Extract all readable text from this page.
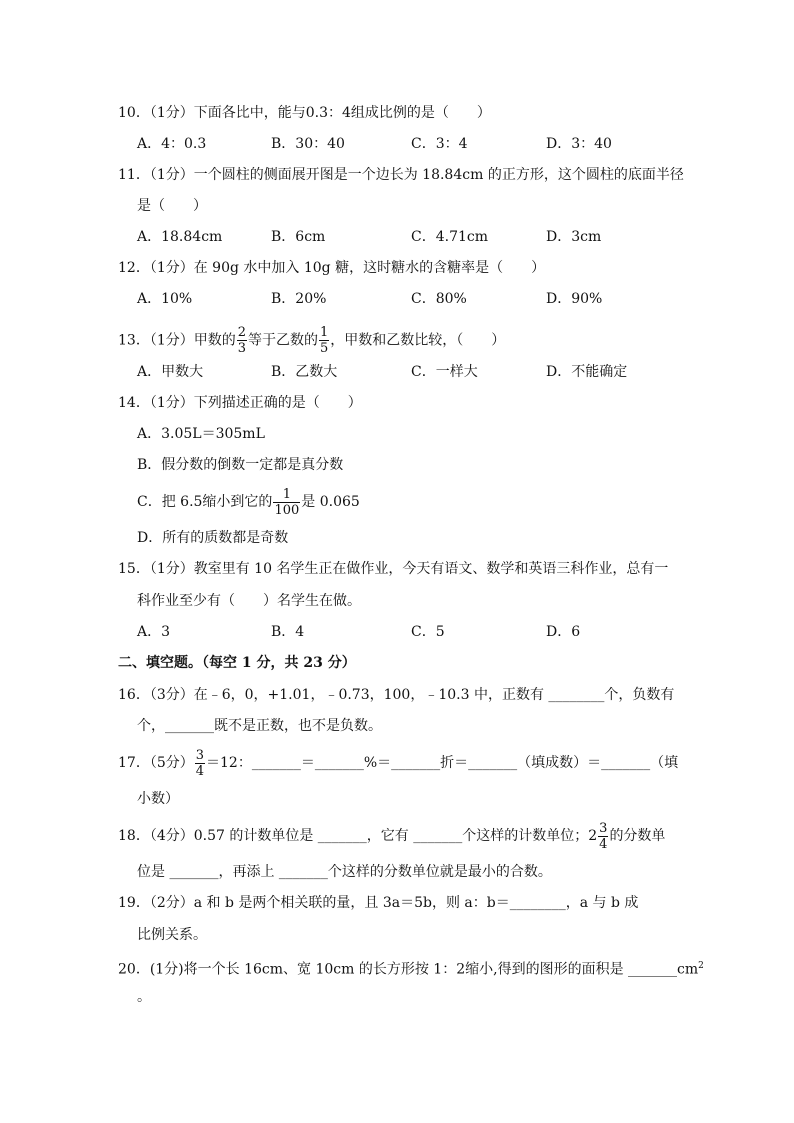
10．（1分）下面各比中，能与0.3：4组成比例的是（　　）
A．4：0.3	B．30：40	C．3：4	D．3：40
11．（1分）一个圆柱的侧面展开图是一个边长为 18.84cm 的正方形，这个圆柱的底面半径
是（　　）
A．18.84cm	B．6cm	C．4.71cm	D．3cm
12．（1分）在 90g 水中加入 10g 糖，这时糖水的含糖率是（　　）
A．10%	B．20%	C．80%	D．90%
13．（1分）甲数的 $\frac{2}{3}$ 等于乙数的 $\frac{1}{5}$ ，甲数和乙数比较，（　　）
A．甲数大	B．乙数大	C．一样大	D．不能确定
14．（1分）下列描述正确的是（　　）
A．3.05L＝305mL
B．假分数的倒数一定都是真分数
C．把 6.5缩小到它的 $\frac{1}{100}$ 是 0.065
D．所有的质数都是奇数
15．（1分）教室里有 10 名学生正在做作业，今天有语文、数学和英语三科作业，总有一
科作业至少有（　　）名学生在做。
A．3	B．4	C．5	D．6
二、填空题。（每空 1 分，共 23 分）
16．（3分）在﹣6，0，+1.01，﹣0.73，100，﹣10.3 中，正数有 ________个，负数有
个，_______既不是正数，也不是负数。
17．（5分） $\frac{3}{4} =12$：_______＝_______%＝_______折＝_______（填成数）＝_______（填
小数）
18．（4分）0.57 的计数单位是 _______，它有 _______个这样的计数单位；$2 \frac{3}{4}$ 的分数单
位是 _______，再添上 _______个这样的分数单位就是最小的合数。
19．（2分）a 和 b 是两个相关联的量，且 3a＝5b，则 a：b＝________，a 与 b 成
比例关系。
20．(1分)将一个长 16cm、宽 10cm 的长方形按 1：2缩小,得到的图形的面积是 $\_\_\_\_\_\_\_cm^2$
。
